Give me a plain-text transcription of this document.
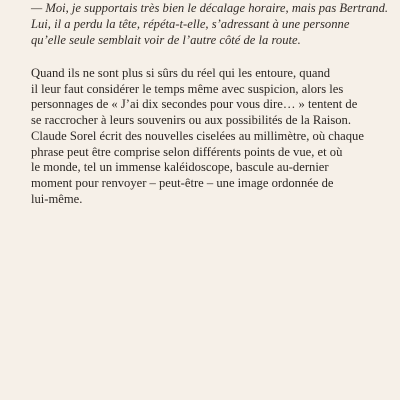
— Moi, je supportais très bien le décalage horaire, mais pas Bertrand.
Lui, il a perdu la tête, répéta-t-elle, s’adressant à une personne
qu’elle seule semblait voir de l’autre côté de la route.

Quand ils ne sont plus si sûrs du réel qui les entoure, quand
il leur faut considérer le temps même avec suspicion, alors les
personnages de « J’ai dix secondes pour vous dire… » tentent de
se raccrocher à leurs souvenirs ou aux possibilités de la Raison.
Claude Sorel écrit des nouvelles ciselées au millimètre, où chaque
phrase peut être comprise selon différents points de vue, et où
le monde, tel un immense kaléidoscope, bascule au-dernier
moment pour renvoyer – peut-être – une image ordonnée de
lui-même.
